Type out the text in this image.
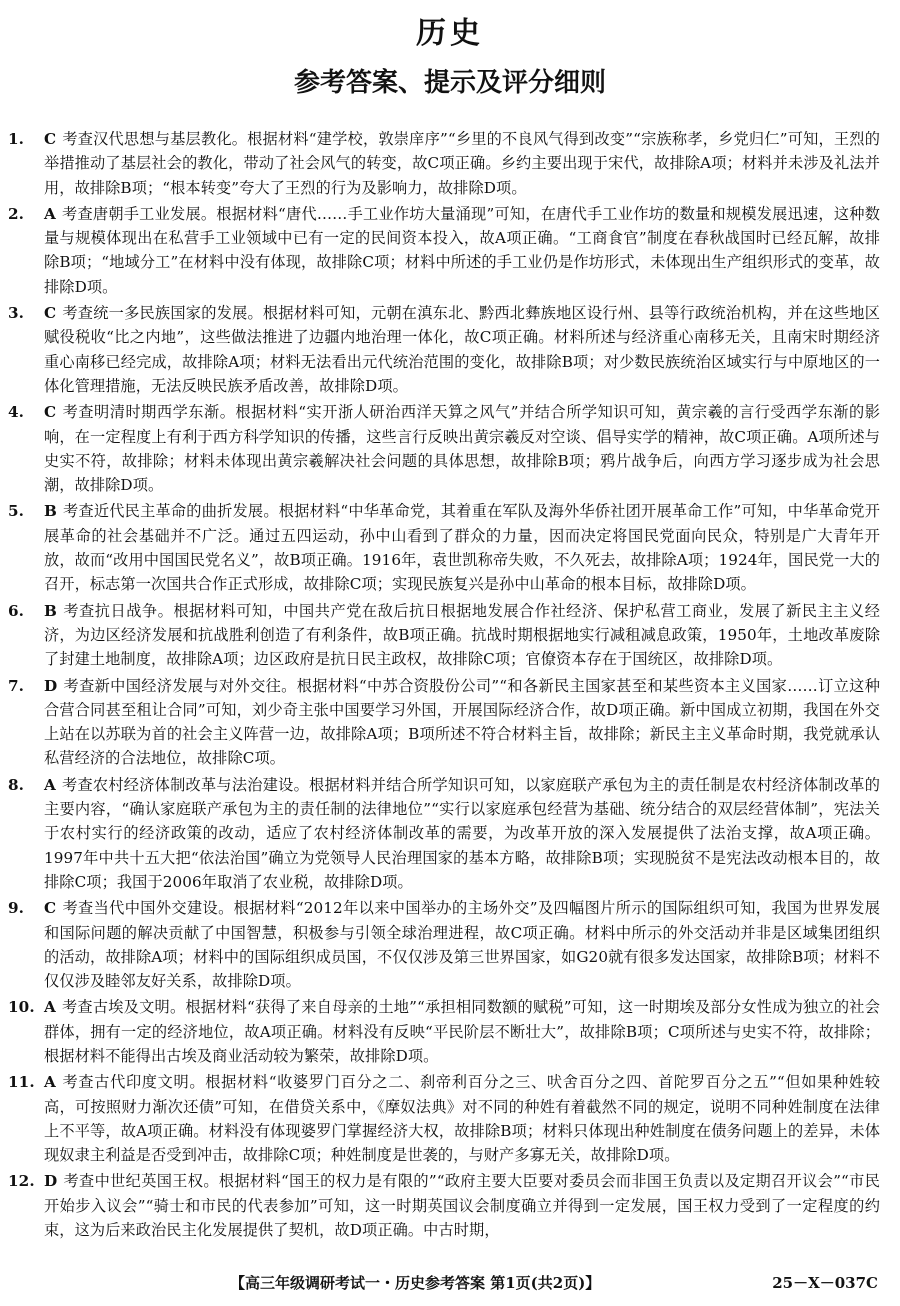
历史
参考答案、提示及评分细则
1. C 考查汉代思想与基层教化。根据材料“建学校，敦崇庠序”“乡里的不良风气得到改变”“宗族称孝，乡党归仁”可知，王烈的举措推动了基层社会的教化，带动了社会风气的转变，故C项正确。乡约主要出现于宋代，故排除A项；材料并未涉及礼法并用，故排除B项；“根本转变”夸大了王烈的行为及影响力，故排除D项。
2. A 考查唐朝手工业发展。根据材料“唐代……手工业作坊大量涌现”可知，在唐代手工业作坊的数量和规模发展迅速，这种数量与规模体现出在私营手工业领域中已有一定的民间资本投入，故A项正确。“工商食官”制度在春秋战国时已经瓦解，故排除B项；“地域分工”在材料中没有体现，故排除C项；材料中所述的手工业仍是作坊形式，未体现出生产组织形式的变革，故排除D项。
3. C 考查统一多民族国家的发展。根据材料可知，元朝在滇东北、黔西北彝族地区设行州、县等行政统治机构，并在这些地区赋役税收“比之内地”，这些做法推进了边疆内地治理一体化，故C项正确。材料所述与经济重心南移无关，且南宋时期经济重心南移已经完成，故排除A项；材料无法看出元代统治范围的变化，故排除B项；对少数民族统治区域实行与中原地区的一体化管理措施，无法反映民族矛盾改善，故排除D项。
4. C 考查明清时期西学东渐。根据材料“实开浙人研治西洋天算之风气”并结合所学知识可知，黄宗羲的言行受西学东渐的影响，在一定程度上有利于西方科学知识的传播，这些言行反映出黄宗羲反对空谈、倡导实学的精神，故C项正确。A项所述与史实不符，故排除；材料未体现出黄宗羲解决社会问题的具体思想，故排除B项；鸦片战争后，向西方学习逐步成为社会思潮，故排除D项。
5. B 考查近代民主革命的曲折发展。根据材料“中华革命党，其着重在军队及海外华侨社团开展革命工作”可知，中华革命党开展革命的社会基础并不广泛。通过五四运动，孙中山看到了群众的力量，因而决定将国民党面向民众，特别是广大青年开放，故而“改用中国国民党名义”，故B项正确。1916年，袁世凯称帝失败，不久死去，故排除A项；1924年，国民党一大的召开，标志第一次国共合作正式形成，故排除C项；实现民族复兴是孙中山革命的根本目标，故排除D项。
6. B 考查抗日战争。根据材料可知，中国共产党在敌后抗日根据地发展合作社经济、保护私营工商业，发展了新民主主义经济，为边区经济发展和抗战胜利创造了有利条件，故B项正确。抗战时期根据地实行减租减息政策，1950年，土地改革废除了封建土地制度，故排除A项；边区政府是抗日民主政权，故排除C项；官僚资本存在于国统区，故排除D项。
7. D 考查新中国经济发展与对外交往。根据材料“中苏合资股份公司”“和各新民主国家甚至和某些资本主义国家……订立这种合营合同甚至租让合同”可知，刘少奇主张中国要学习外国，开展国际经济合作，故D项正确。新中国成立初期，我国在外交上站在以苏联为首的社会主义阵营一边，故排除A项；B项所述不符合材料主旨，故排除；新民主主义革命时期，我党就承认私营经济的合法地位，故排除C项。
8. A 考查农村经济体制改革与法治建设。根据材料并结合所学知识可知，以家庭联产承包为主的责任制是农村经济体制改革的主要内容，“确认家庭联产承包为主的责任制的法律地位”“实行以家庭承包经营为基础、统分结合的双层经营体制”，宪法关于农村实行的经济政策的改动，适应了农村经济体制改革的需要，为改革开放的深入发展提供了法治支撑，故A项正确。1997年中共十五大把“依法治国”确立为党领导人民治理国家的基本方略，故排除B项；实现脱贫不是宪法改动根本目的，故排除C项；我国于2006年取消了农业税，故排除D项。
9. C 考查当代中国外交建设。根据材料“2012年以来中国举办的主场外交”及四幅图片所示的国际组织可知，我国为世界发展和国际问题的解决贡献了中国智慧，积极参与引领全球治理进程，故C项正确。材料中所示的外交活动并非是区域集团组织的活动，故排除A项；材料中的国际组织成员国，不仅仅涉及第三世界国家，如G20就有很多发达国家，故排除B项；材料不仅仅涉及睦邻友好关系，故排除D项。
10. A 考查古埃及文明。根据材料“获得了来自母亲的土地”“承担相同数额的赋税”可知，这一时期埃及部分女性成为独立的社会群体，拥有一定的经济地位，故A项正确。材料没有反映“平民阶层不断壮大”，故排除B项；C项所述与史实不符，故排除；根据材料不能得出古埃及商业活动较为繁荣，故排除D项。
11. A 考查古代印度文明。根据材料“收婆罗门百分之二、刹帝利百分之三、吠舍百分之四、首陀罗百分之五”“但如果种姓较高，可按照财力渐次还债”可知，在借贷关系中，《摩奴法典》对不同的种姓有着截然不同的规定，说明不同种姓制度在法律上不平等，故A项正确。材料没有体现婆罗门掌握经济大权，故排除B项；材料只体现出种姓制度在债务问题上的差异，未体现奴隶主利益是否受到冲击，故排除C项；种姓制度是世袭的，与财产多寡无关，故排除D项。
12. D 考查中世纪英国王权。根据材料“国王的权力是有限的”“政府主要大臣要对委员会而非国王负责以及定期召开议会”“市民开始步入议会”“骑士和市民的代表参加”可知，这一时期英国议会制度确立并得到一定发展，国王权力受到了一定程度的约束，这为后来政治民主化发展提供了契机，故D项正确。中古时期，
【高三年级调研考试一・历史参考答案 第1页(共2页)】	25－X－037C
